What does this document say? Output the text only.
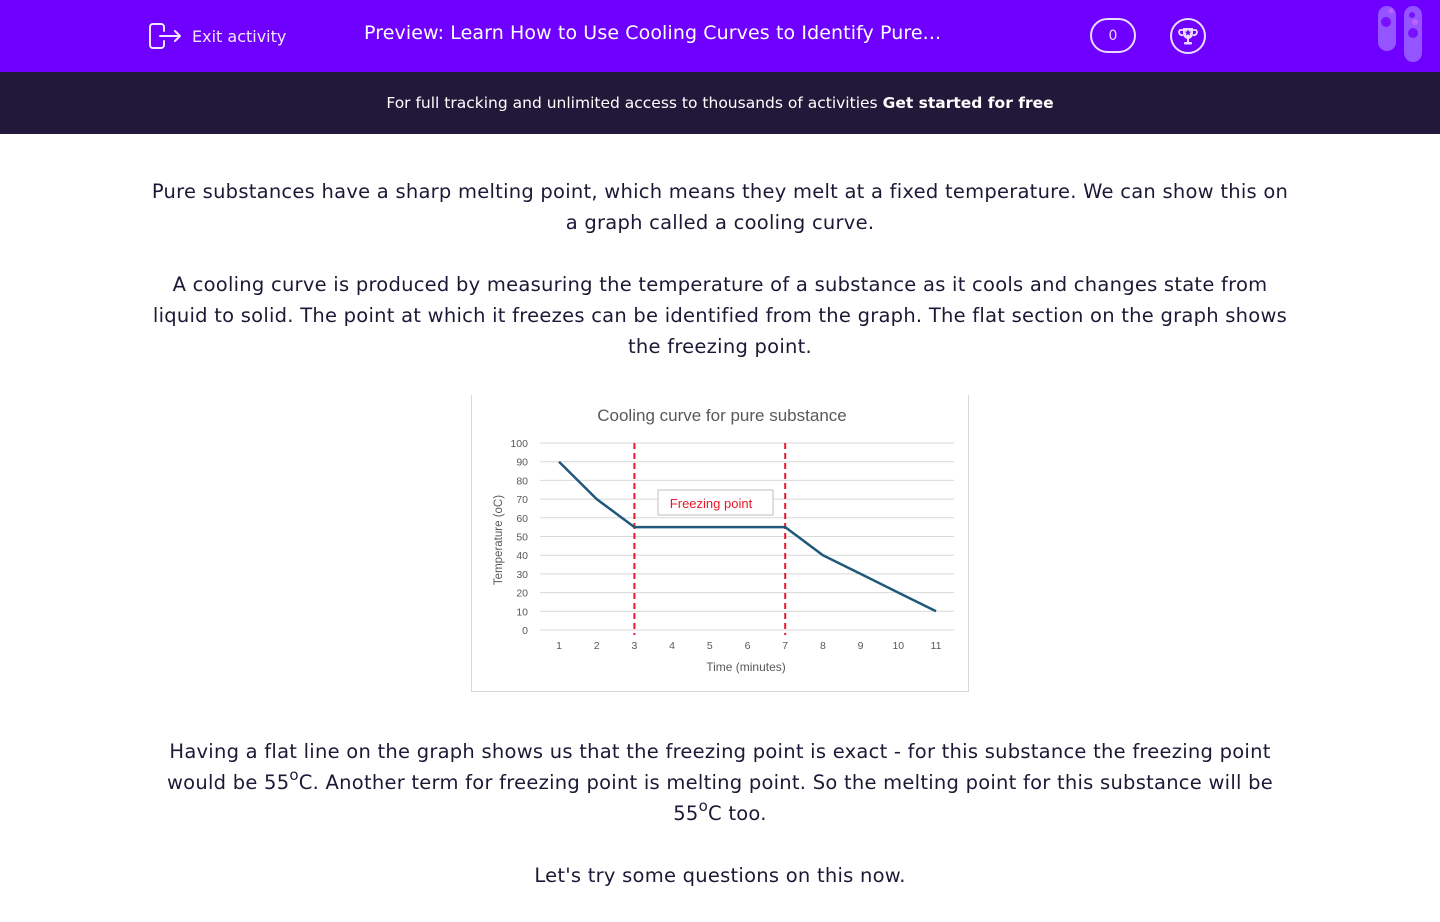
Exit activity	Preview: Learn How to Use Cooling Curves to Identify Pure...	0
For full tracking and unlimited access to thousands of activities Get started for free

Pure substances have a sharp melting point, which means they melt at a fixed temperature. We can show this on a graph called a cooling curve.

A cooling curve is produced by measuring the temperature of a substance as it cools and changes state from liquid to solid. The point at which it freezes can be identified from the graph. The flat section on the graph shows the freezing point.

Having a flat line on the graph shows us that the freezing point is exact - for this substance the freezing point would be 55$^o$C. Another term for freezing point is melting point. So the melting point for this substance will be 55$^o$C too.

Let's try some questions on this now.

Cooling curve for pure substance
0
10
20
30
40
50
60
70
80
90
100
1	2	3	4	5	6	7	8	9	10	11
Freezing point
Time (minutes)
Temperature (oC)
